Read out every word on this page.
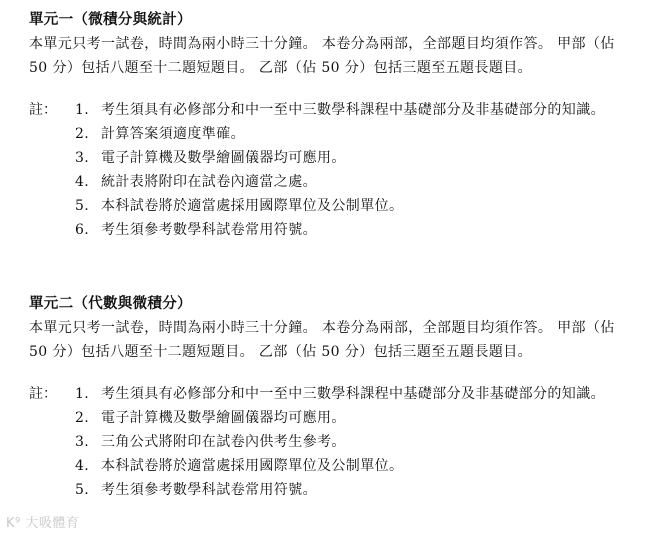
單元一（微積分與統計）

本單元只考一試卷，時間為兩小時三十分鐘。 本卷分為兩部，全部題目均須作答。 甲部（佔 50 分）包括八題至十二題短題目。 乙部（佔 50 分）包括三題至五題長題目。

註： 1. 考生須具有必修部分和中一至中三數學科課程中基礎部分及非基礎部分的知識。
2. 計算答案須適度準確。
3. 電子計算機及數學繪圖儀器均可應用。
4. 統計表將附印在試卷內適當之處。
5. 本科試卷將於適當處採用國際單位及公制單位。
6. 考生須參考數學科試卷常用符號。
單元二（代數與微積分）

本單元只考一試卷，時間為兩小時三十分鐘。 本卷分為兩部，全部題目均須作答。 甲部（佔 50 分）包括八題至十二題短題目。 乙部（佔 50 分）包括三題至五題長題目。

註： 1. 考生須具有必修部分和中一至中三數學科課程中基礎部分及非基礎部分的知識。
2. 電子計算機及數學繪圖儀器均可應用。
3. 三角公式將附印在試卷內供考生參考。
4. 本科試卷將於適當處採用國際單位及公制單位。
5. 考生須參考數學科試卷常用符號。
K⁹ 大吸體育
